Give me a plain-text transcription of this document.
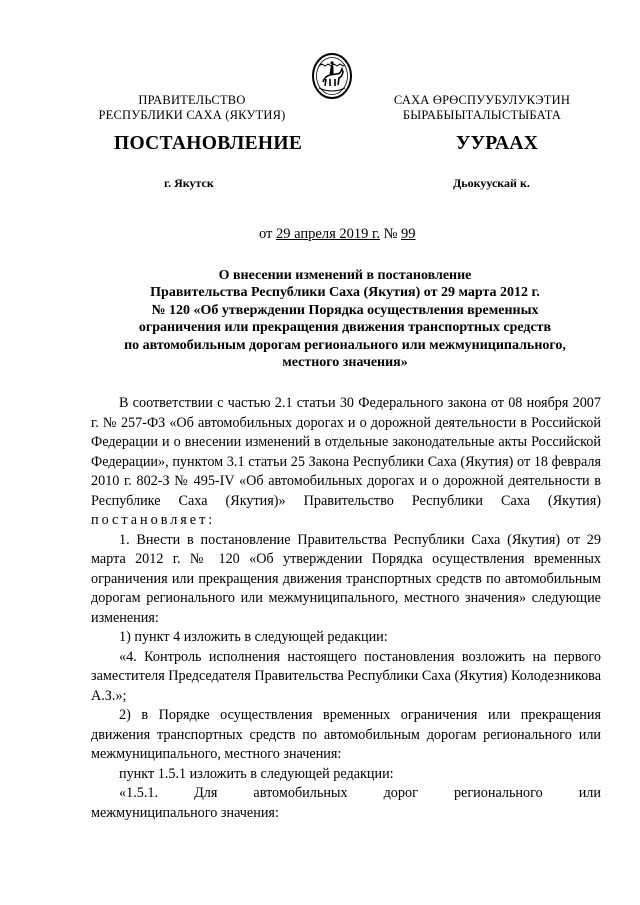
ПРАВИТЕЛЬСТВО
РЕСПУБЛИКИ САХА (ЯКУТИЯ)
САХА ӨРӨСПУУБУЛУКЭТИН
БЫРАБЫЫТАЛЫСТЫБАТА
ПОСТАНОВЛЕНИЕ	УУРААХ
г. Якутск	Дьокуускай к.
от 29 апреля 2019 г. № 99
О внесении изменений в постановление
Правительства Республики Саха (Якутия) от 29 марта 2012 г.
№ 120 «Об утверждении Порядка осуществления временных
ограничения или прекращения движения транспортных средств
по автомобильным дорогам регионального или межмуниципального,
местного значения»

В соответствии с частью 2.1 статьи 30 Федерального закона от 08 ноября 2007 г. № 257-ФЗ «Об автомобильных дорогах и о дорожной деятельности в Российской Федерации и о внесении изменений в отдельные законодательные акты Российской Федерации», пунктом 3.1 статьи 25 Закона Республики Саха (Якутия) от 18 февраля 2010 г. 802-З № 495-IV «Об автомобильных дорогах и о дорожной деятельности в Республике Саха (Якутия)» Правительство Республики Саха (Якутия) постановляет:

1. Внести в постановление Правительства Республики Саха (Якутия) от 29 марта 2012 г. № 120 «Об утверждении Порядка осуществления временных ограничения или прекращения движения транспортных средств по автомобильным дорогам регионального или межмуниципального, местного значения» следующие изменения:

1) пункт 4 изложить в следующей редакции:

«4. Контроль исполнения настоящего постановления возложить на первого заместителя Председателя Правительства Республики Саха (Якутия) Колодезникова А.З.»;

2) в Порядке осуществления временных ограничения или прекращения движения транспортных средств по автомобильным дорогам регионального или межмуниципального, местного значения:

пункт 1.5.1 изложить в следующей редакции:

«1.5.1. Для автомобильных дорог регионального или

межмуниципального значения:
